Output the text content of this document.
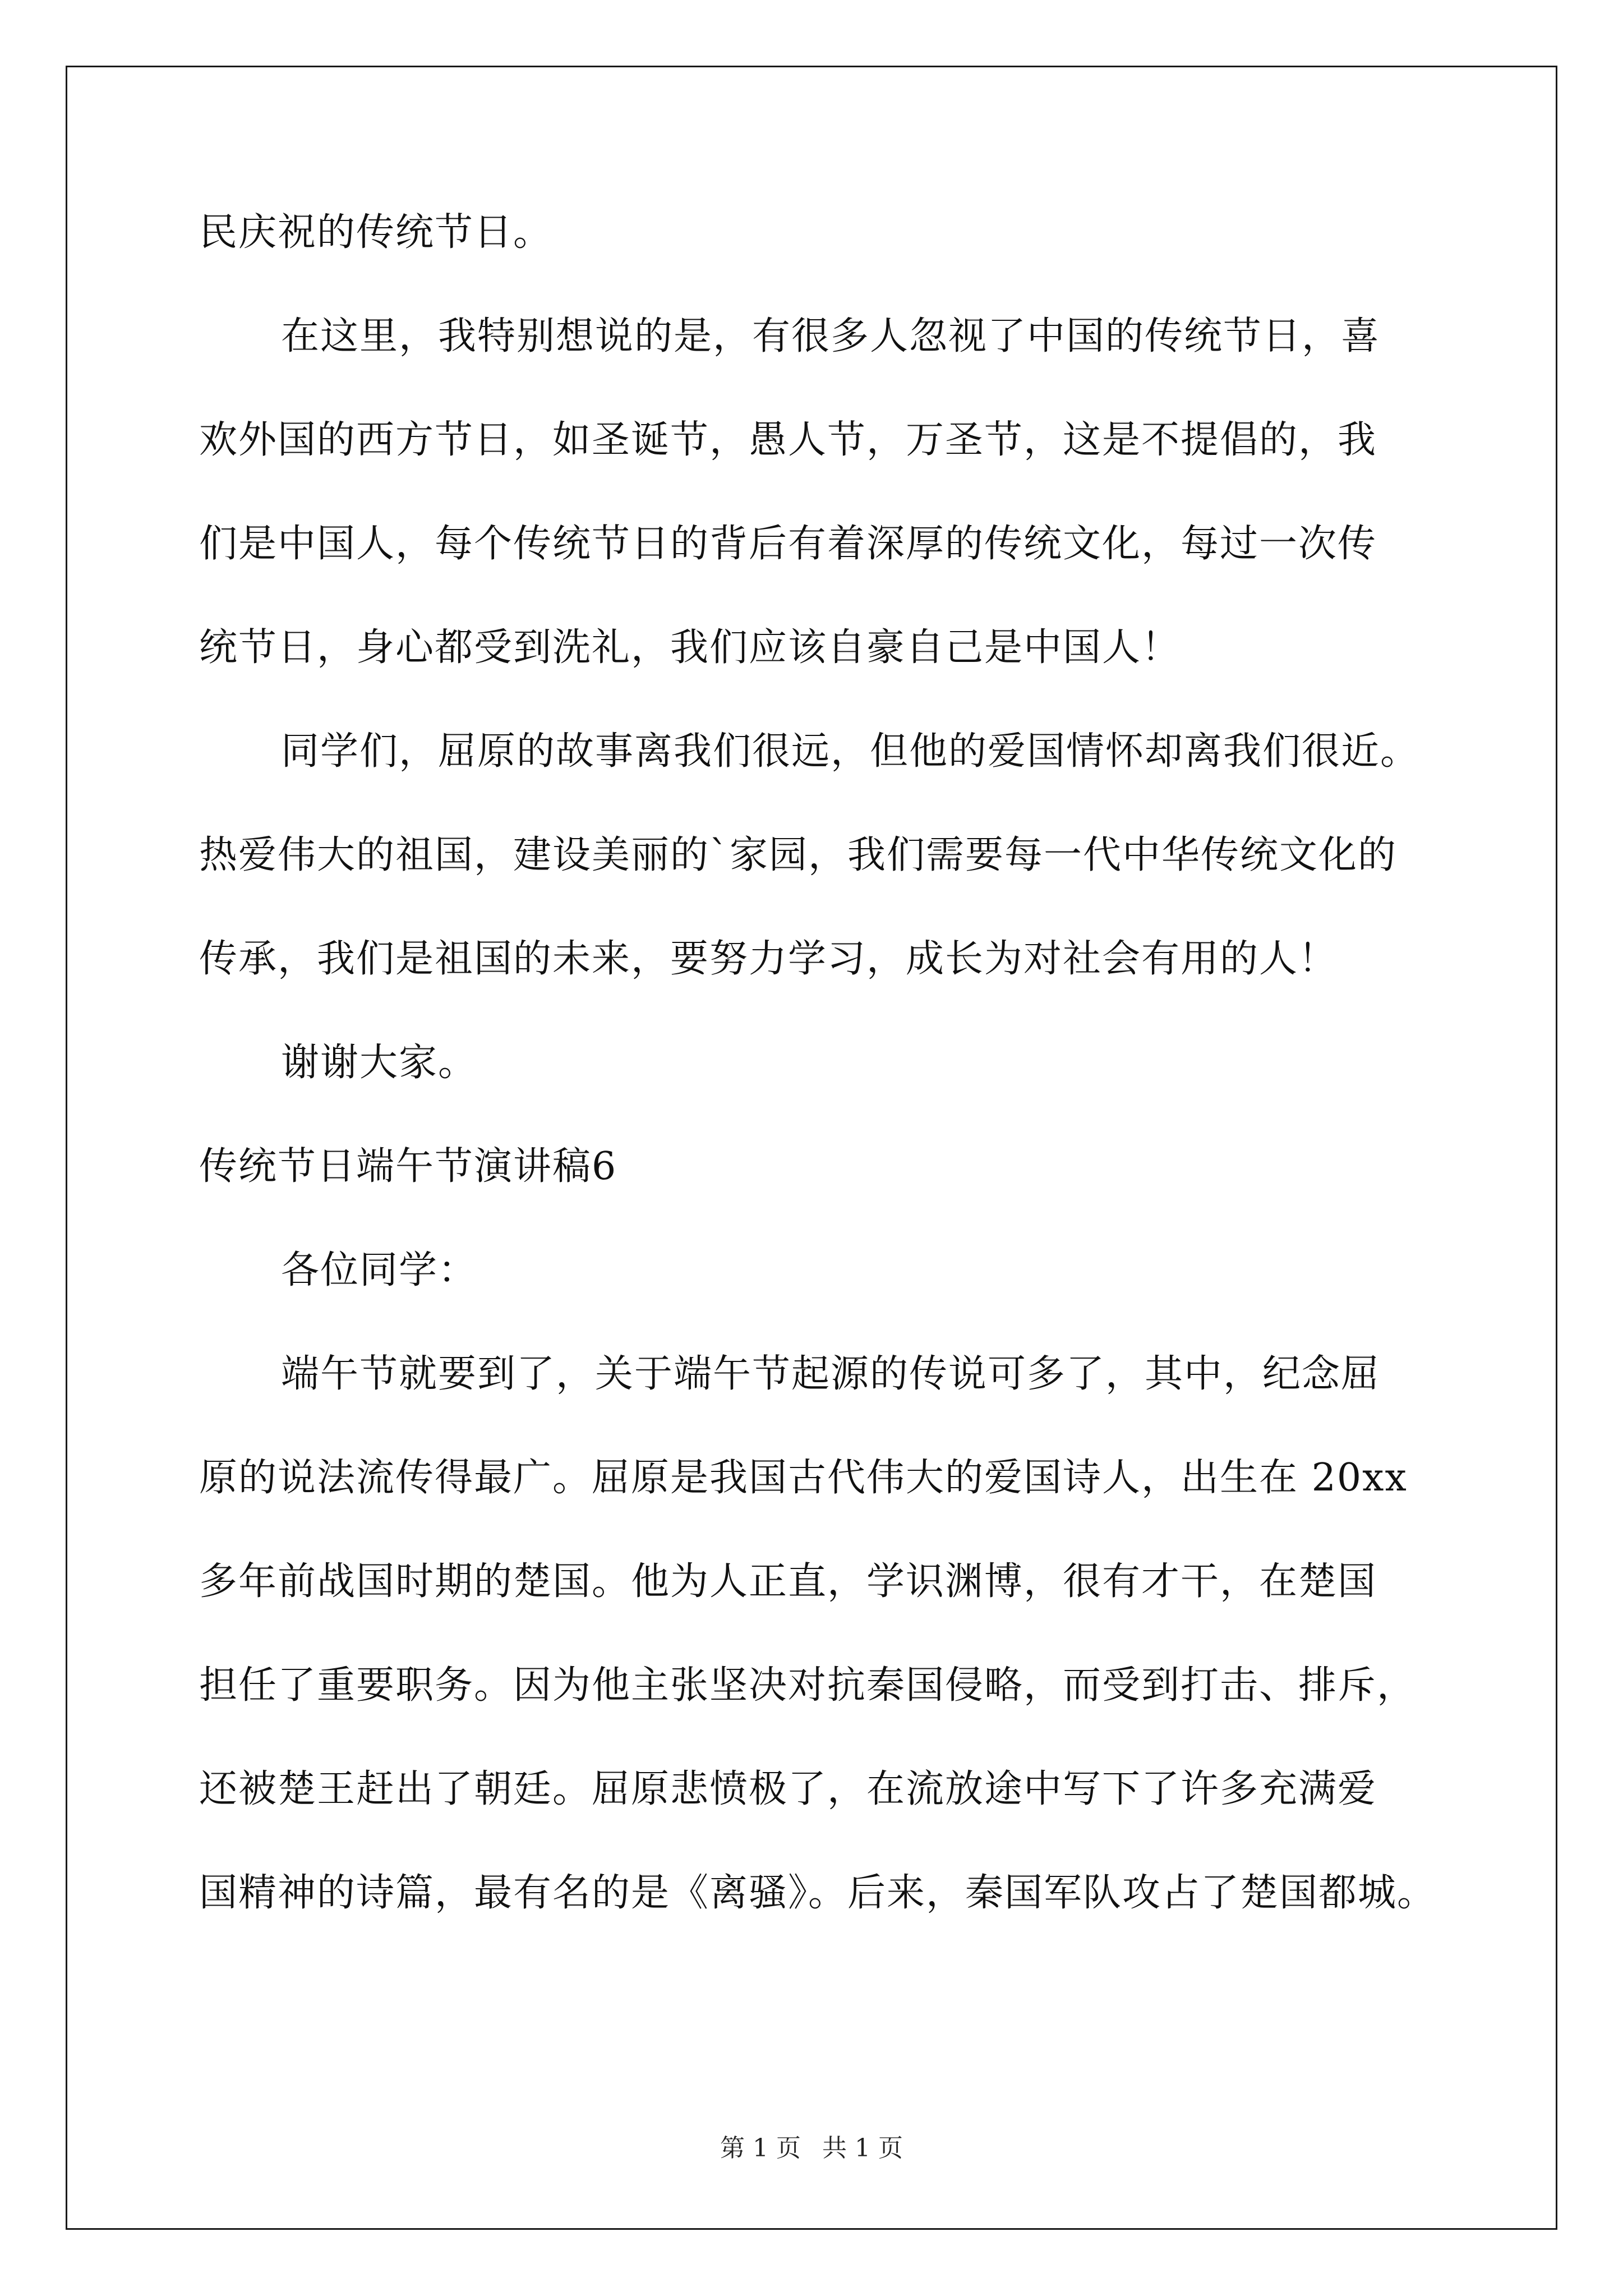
民庆祝的传统节日。
在这里，我特别想说的是，有很多人忽视了中国的传统节日，喜
欢外国的西方节日，如圣诞节，愚人节，万圣节，这是不提倡的，我
们是中国人，每个传统节日的背后有着深厚的传统文化，每过一次传
统节日，身心都受到洗礼，我们应该自豪自己是中国人！
同学们，屈原的故事离我们很远，但他的爱国情怀却离我们很近。
热爱伟大的祖国，建设美丽的`家园，我们需要每一代中华传统文化的
传承，我们是祖国的未来，要努力学习，成长为对社会有用的人！
谢谢大家。
传统节日端午节演讲稿6
各位同学：
端午节就要到了，关于端午节起源的传说可多了，其中，纪念屈
原的说法流传得最广。屈原是我国古代伟大的爱国诗人，出生在 20xx
多年前战国时期的楚国。他为人正直，学识渊博，很有才干，在楚国
担任了重要职务。因为他主张坚决对抗秦国侵略，而受到打击、排斥，
还被楚王赶出了朝廷。屈原悲愤极了，在流放途中写下了许多充满爱
国精神的诗篇，最有名的是《离骚》。后来，秦国军队攻占了楚国都城。
第 1 页 共 1 页
